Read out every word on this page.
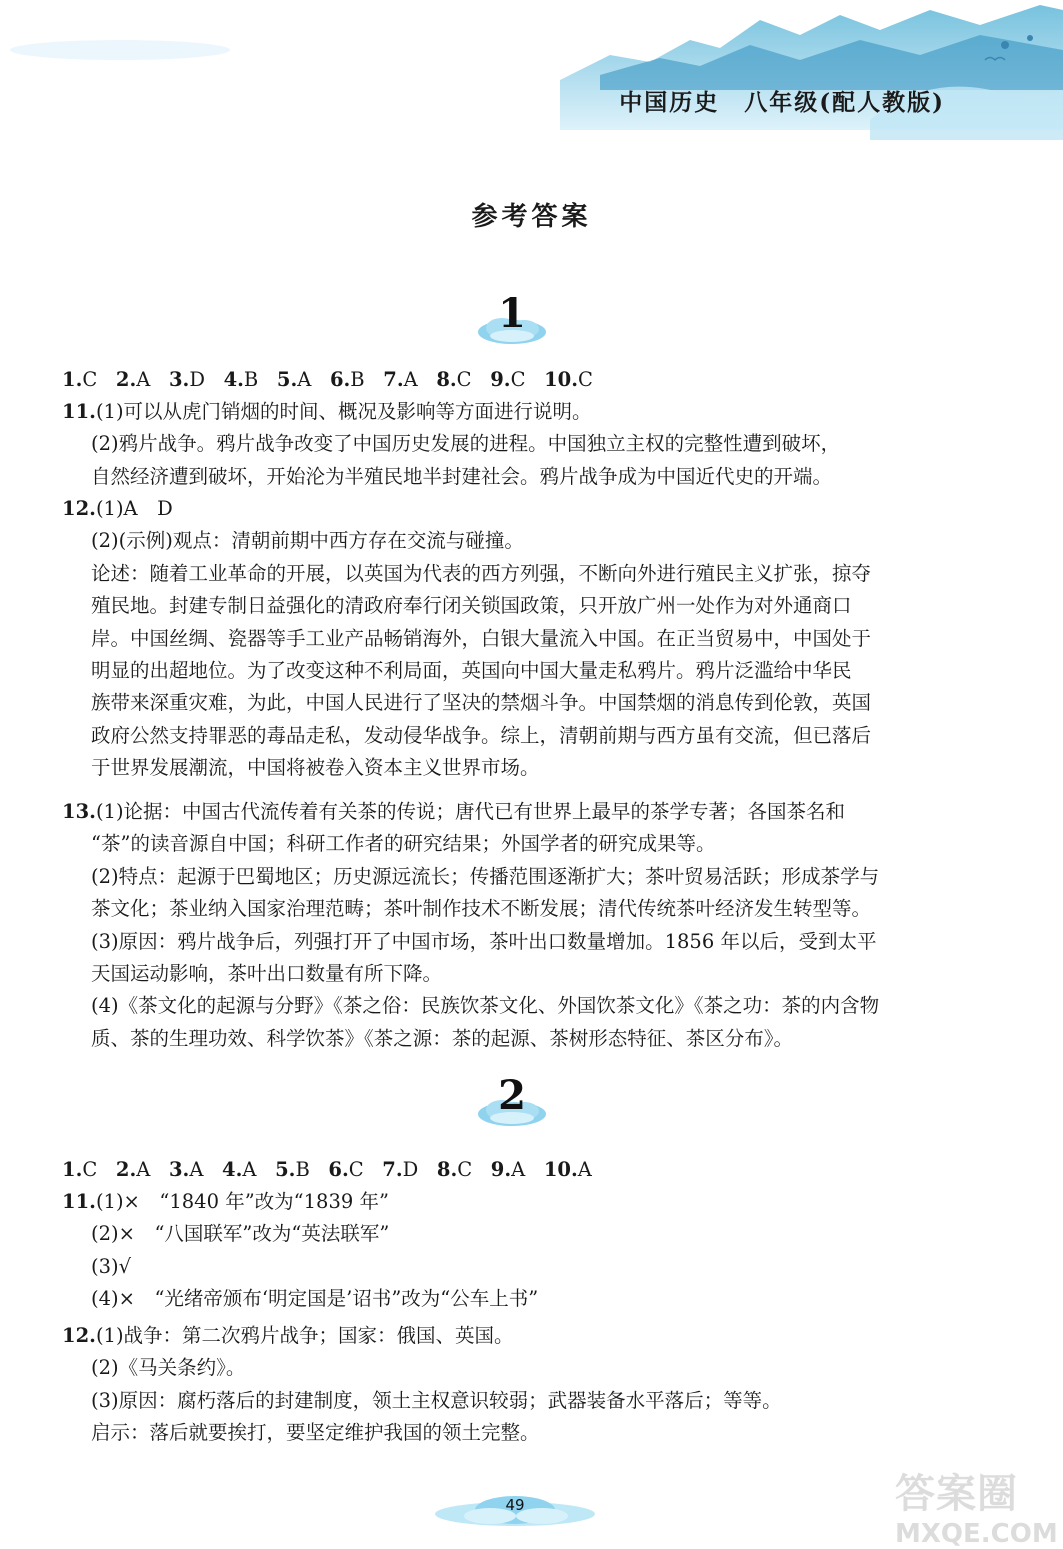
中国历史　八年级(配人教版)
参考答案
1
1.C 2.A 3.D 4.B 5.A 6.B 7.A 8.C 9.C 10.C

11.(1)可以从虎门销烟的时间、概况及影响等方面进行说明。

(2)鸦片战争。鸦片战争改变了中国历史发展的进程。中国独立主权的完整性遭到破坏，

自然经济遭到破坏，开始沦为半殖民地半封建社会。鸦片战争成为中国近代史的开端。

12.(1)A　D

(2)(示例)观点：清朝前期中西方存在交流与碰撞。

论述：随着工业革命的开展，以英国为代表的西方列强，不断向外进行殖民主义扩张，掠夺

殖民地。封建专制日益强化的清政府奉行闭关锁国政策，只开放广州一处作为对外通商口

岸。中国丝绸、瓷器等手工业产品畅销海外，白银大量流入中国。在正当贸易中，中国处于

明显的出超地位。为了改变这种不利局面，英国向中国大量走私鸦片。鸦片泛滥给中华民

族带来深重灾难，为此，中国人民进行了坚决的禁烟斗争。中国禁烟的消息传到伦敦，英国

政府公然支持罪恶的毒品走私，发动侵华战争。综上，清朝前期与西方虽有交流，但已落后

于世界发展潮流，中国将被卷入资本主义世界市场。

13.(1)论据：中国古代流传着有关茶的传说；唐代已有世界上最早的茶学专著；各国茶名和

“茶”的读音源自中国；科研工作者的研究结果；外国学者的研究成果等。

(2)特点：起源于巴蜀地区；历史源远流长；传播范围逐渐扩大；茶叶贸易活跃；形成茶学与

茶文化；茶业纳入国家治理范畴；茶叶制作技术不断发展；清代传统茶叶经济发生转型等。

(3)原因：鸦片战争后，列强打开了中国市场，茶叶出口数量增加。1856 年以后，受到太平

天国运动影响，茶叶出口数量有所下降。

(4)《茶文化的起源与分野》《茶之俗：民族饮茶文化、外国饮茶文化》《茶之功：茶的内含物

质、茶的生理功效、科学饮茶》《茶之源：茶的起源、茶树形态特征、茶区分布》。

2
1.C 2.A 3.A 4.A 5.B 6.C 7.D 8.C 9.A 10.A

11.(1)×　“1840 年”改为“1839 年”

(2)×　“八国联军”改为“英法联军”

(3)√

(4)×　“光绪帝颁布‘明定国是’诏书”改为“公车上书”

12.(1)战争：第二次鸦片战争；国家：俄国、英国。

(2)《马关条约》。

(3)原因：腐朽落后的封建制度，领土主权意识较弱；武器装备水平落后；等等。

启示：落后就要挨打，要坚定维护我国的领土完整。

49	答案圈
MXQE.COM
